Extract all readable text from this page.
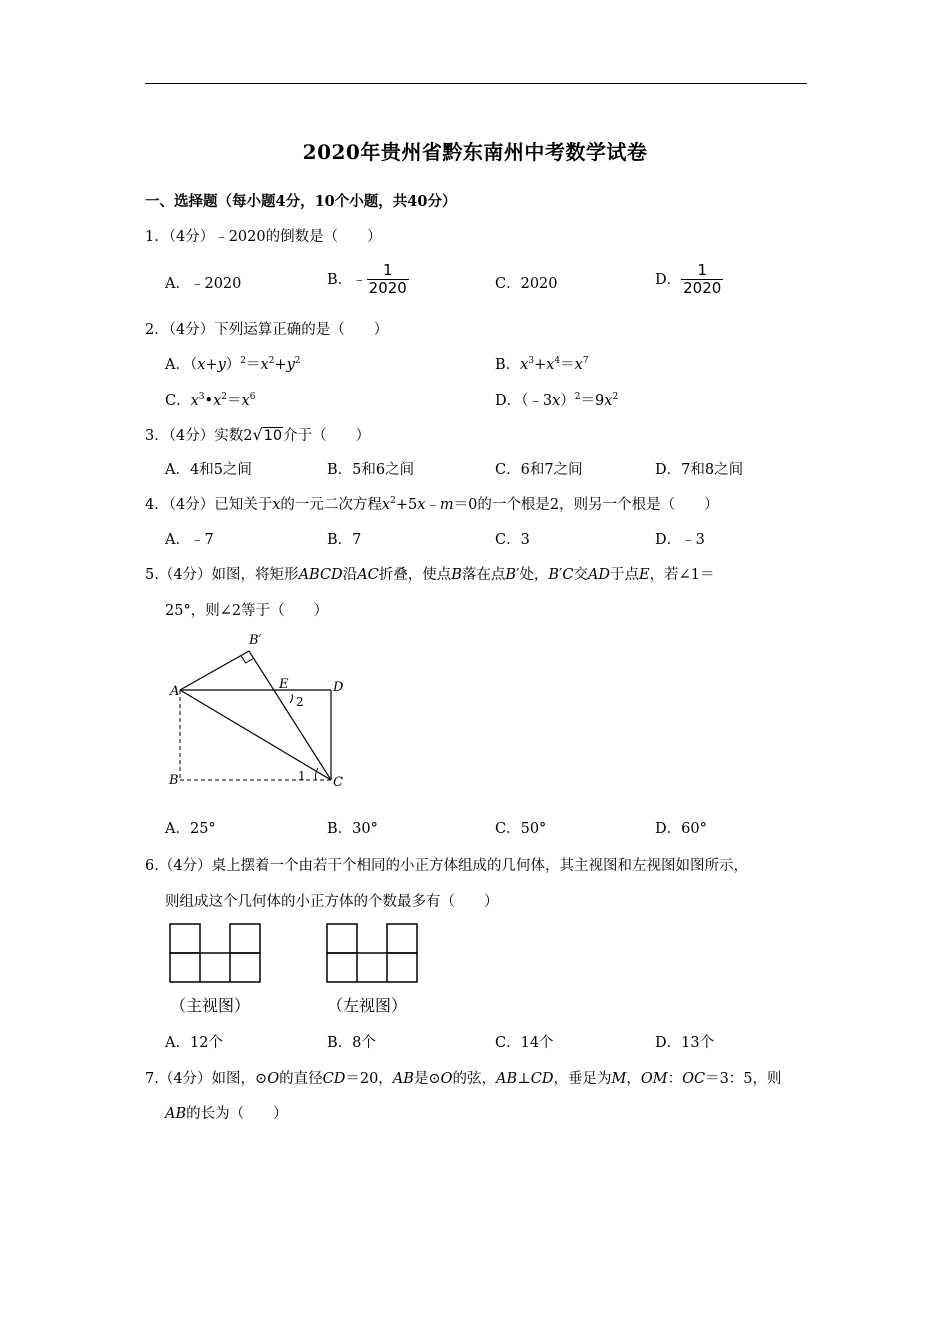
2020年贵州省黔东南州中考数学试卷
一、选择题（每小题4分，10个小题，共40分）
1．（4分）﹣2020的倒数是（　　）
A．﹣2020	B．﹣ $\frac{1}{2020}$	C．2020	D． $\frac{1}{2020}$
2．（4分）下列运算正确的是（　　）
A．$(x+y)^2=x^2+y^2$	B．$x^3+x^4=x^7$
C．$x^3•x^2=x^6$	D．$(﹣3x)^2=9x^2$
3．（4分）实数2√10介于（　　）
A．4和5之间	B．5和6之间	C．6和7之间	D．7和8之间
4．（4分）已知关于x的一元二次方程$x^2+5x﹣m=0$的一个根是2，则另一个根是（　　）
A．﹣7	B．7	C．3	D．﹣3
5.（4分）如图，将矩形ABCD沿AC折叠，使点B落在点B′处，B′C交AD于点E，若∠1＝
25°，则∠2等于（　　）
A
B	C
D
E
B′
1
2
A．25°	B．30°	C．50°	D．60°
6.（4分）桌上摆着一个由若干个相同的小正方体组成的几何体，其主视图和左视图如图所示，
则组成这个几何体的小正方体的个数最多有（　　）
（主视图）	（左视图）
A．12个	B．8个	C．14个	D．13个
7.（4分）如图，⊙O的直径CD＝20，AB是⊙O的弦，AB⊥CD，垂足为M，OM：OC＝3：5，则
AB的长为（　　）
